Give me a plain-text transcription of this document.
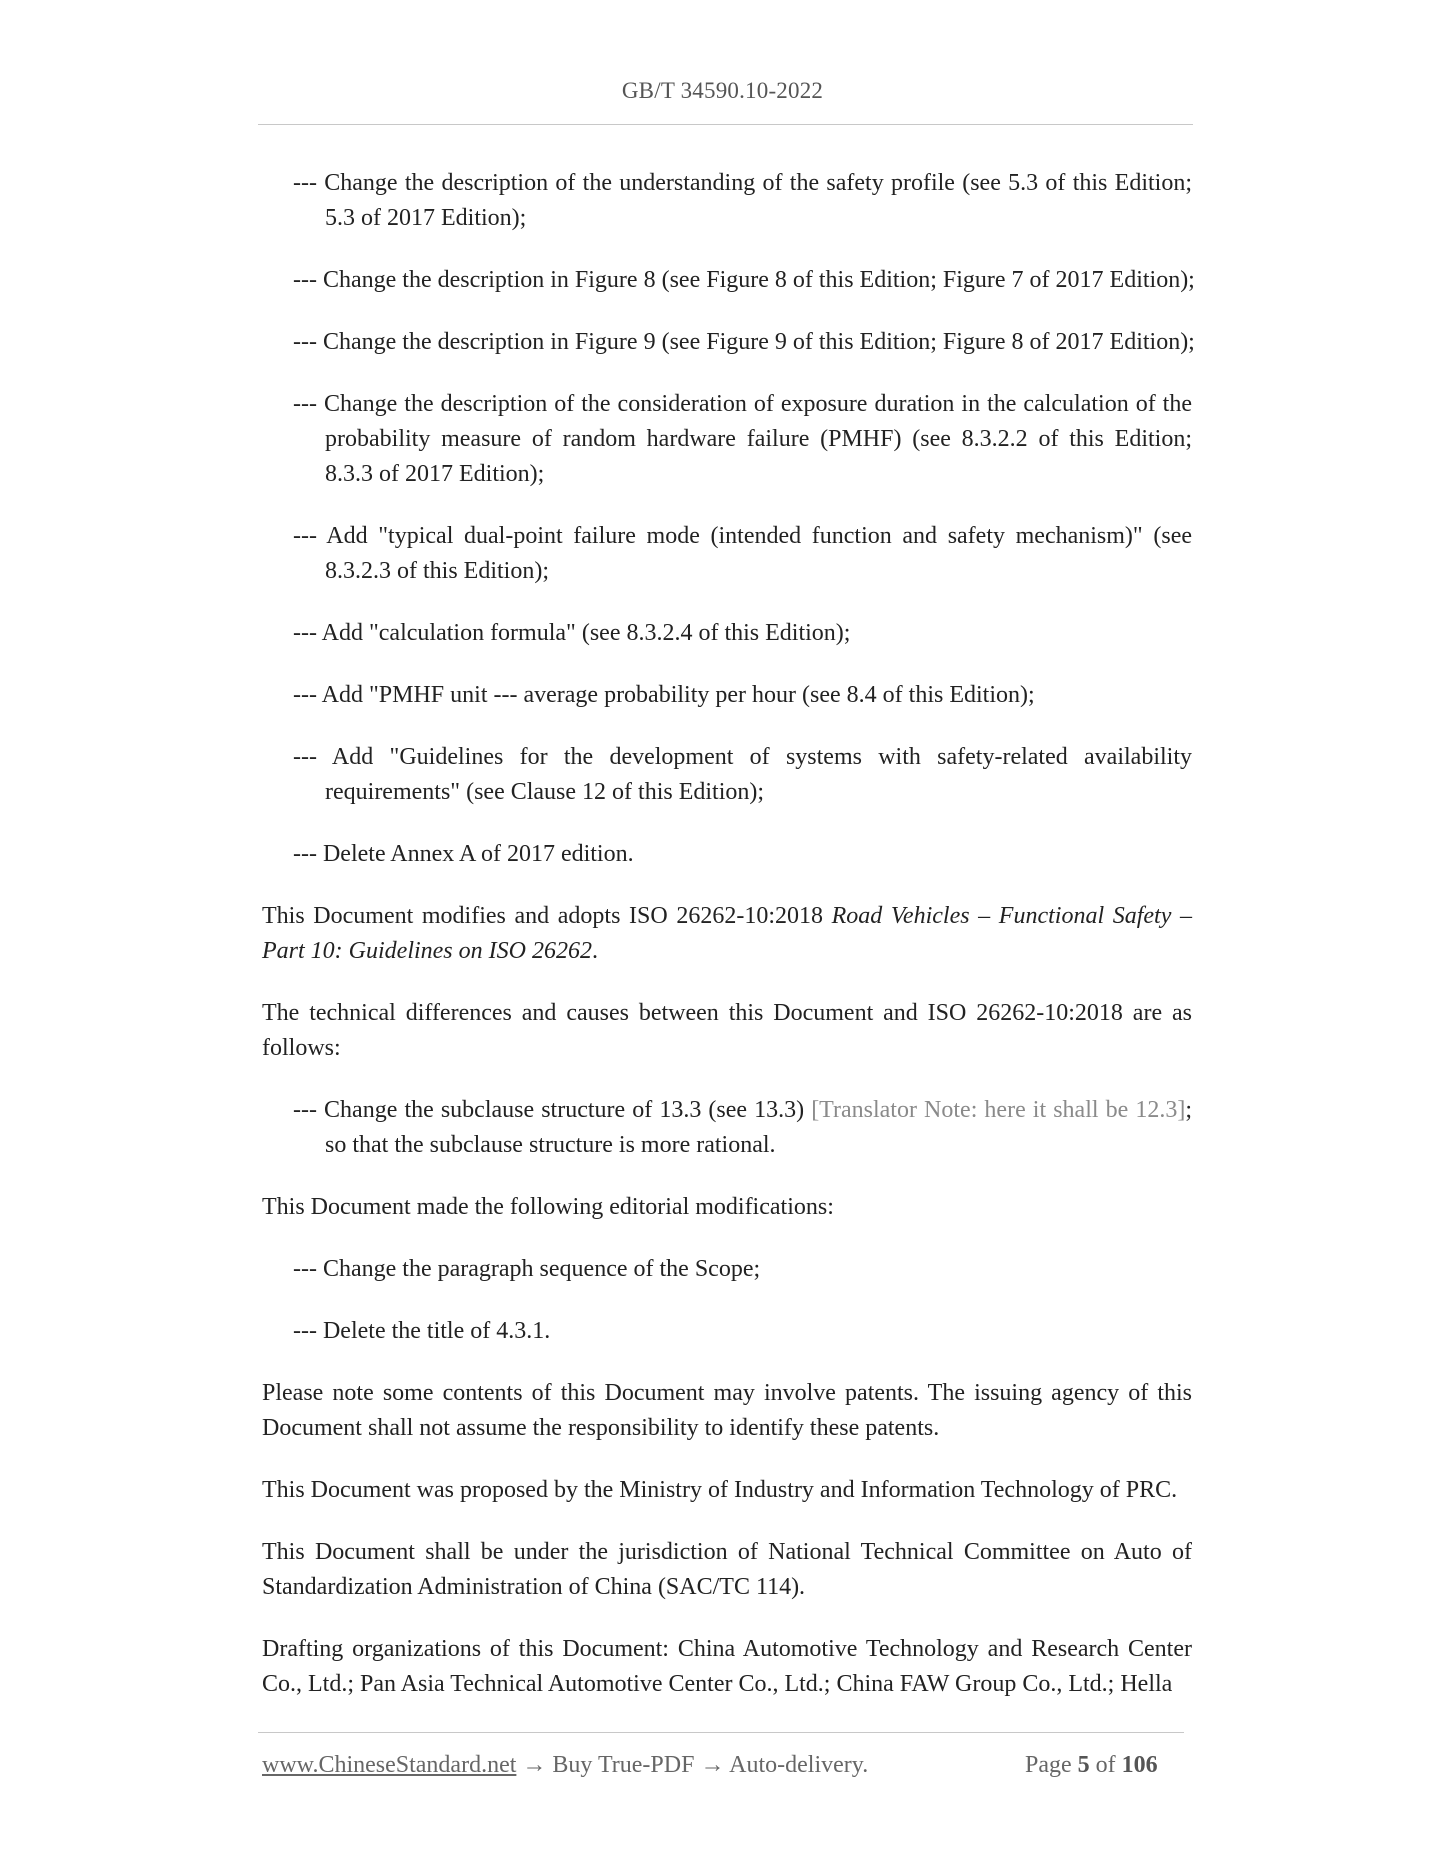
GB/T 34590.10-2022
--- Change the description of the understanding of the safety profile (see 5.3 of this Edition; 5.3 of 2017 Edition);
--- Change the description in Figure 8 (see Figure 8 of this Edition; Figure 7 of 2017 Edition);
--- Change the description in Figure 9 (see Figure 9 of this Edition; Figure 8 of 2017 Edition);
--- Change the description of the consideration of exposure duration in the calculation of the probability measure of random hardware failure (PMHF) (see 8.3.2.2 of this Edition; 8.3.3 of 2017 Edition);
--- Add "typical dual-point failure mode (intended function and safety mechanism)" (see 8.3.2.3 of this Edition);
--- Add "calculation formula" (see 8.3.2.4 of this Edition);
--- Add "PMHF unit --- average probability per hour (see 8.4 of this Edition);
--- Add "Guidelines for the development of systems with safety-related availability requirements" (see Clause 12 of this Edition);
--- Delete Annex A of 2017 edition.
This Document modifies and adopts ISO 26262-10:2018 Road Vehicles – Functional Safety – Part 10: Guidelines on ISO 26262.
The technical differences and causes between this Document and ISO 26262-10:2018 are as follows:
--- Change the subclause structure of 13.3 (see 13.3) [Translator Note: here it shall be 12.3]; so that the subclause structure is more rational.
This Document made the following editorial modifications:
--- Change the paragraph sequence of the Scope;
--- Delete the title of 4.3.1.
Please note some contents of this Document may involve patents. The issuing agency of this Document shall not assume the responsibility to identify these patents.
This Document was proposed by the Ministry of Industry and Information Technology of PRC.
This Document shall be under the jurisdiction of National Technical Committee on Auto of Standardization Administration of China (SAC/TC 114).
Drafting organizations of this Document: China Automotive Technology and Research Center Co., Ltd.; Pan Asia Technical Automotive Center Co., Ltd.; China FAW Group Co., Ltd.; Hella
www.ChineseStandard.net → Buy True-PDF → Auto-delivery.	Page 5 of 106
